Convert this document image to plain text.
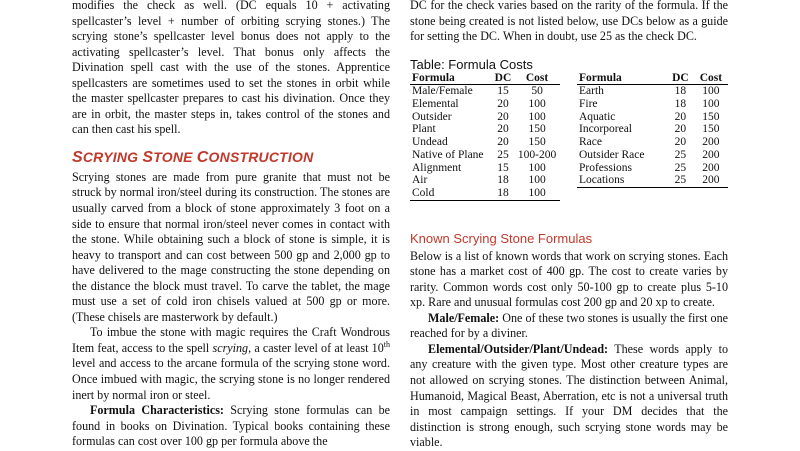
modifies the check as well. (DC equals 10 + activating spellcaster’s level + number of orbiting scrying stones.) The scrying stone’s spellcaster level bonus does not apply to the activating spellcaster’s level. That bonus only affects the Divination spell cast with the use of the stones. Apprentice spellcasters are sometimes used to set the stones in orbit while the master spellcaster prepares to cast his divination. Once they are in orbit, the master steps in, takes control of the stones and can then cast his spell.

SCRYING STONE CONSTRUCTION

Scrying stones are made from pure granite that must not be struck by normal iron/steel during its construction. The stones are usually carved from a block of stone approximately 3 foot on a side to ensure that normal iron/steel never comes in contact with the stone. While obtaining such a block of stone is simple, it is heavy to transport and can cost between 500 gp and 2,000 gp to have delivered to the mage constructing the stone depending on the distance the block must travel. To carve the tablet, the mage must use a set of cold iron chisels valued at 500 gp or more. (These chisels are masterwork by default.)

To imbue the stone with magic requires the Craft Wondrous Item feat, access to the spell scrying, a caster level of at least 10th level and access to the arcane formula of the scrying stone word. Once imbued with magic, the scrying stone is no longer rendered inert by normal iron or steel.

Formula Characteristics: Scrying stone formulas can be found in books on Divination. Typical books containing these formulas can cost over 100 gp per formula above the

DC for the check varies based on the rarity of the formula. If the stone being created is not listed below, use DCs below as a guide for setting the DC. When in doubt, use 25 as the check DC.

Table: Formula Costs
Formula	DC	Cost
Male/Female	15	50
Elemental	20	100
Outsider	20	100
Plant	20	150
Undead	20	150
Native of Plane	25	100-200
Alignment	15	100
Air	18	100
Cold	18	100
Formula	DC	Cost
Earth	18	100
Fire	18	100
Aquatic	20	150
Incorporeal	20	150
Race	20	200
Outsider Race	25	200
Professions	25	200
Locations	25	200
Known Scrying Stone Formulas

Below is a list of known words that work on scrying stones. Each stone has a market cost of 400 gp. The cost to create varies by rarity. Common words cost only 50-100 gp to create plus 5-10 xp. Rare and unusual formulas cost 200 gp and 20 xp to create.

Male/Female: One of these two stones is usually the first one reached for by a diviner.

Elemental/Outsider/Plant/Undead: These words apply to any creature with the given type. Most other creature types are not allowed on scrying stones. The distinction between Animal, Humanoid, Magical Beast, Aberration, etc is not a universal truth in most campaign settings. If your DM decides that the distinction is strong enough, such scrying stone words may be viable.
